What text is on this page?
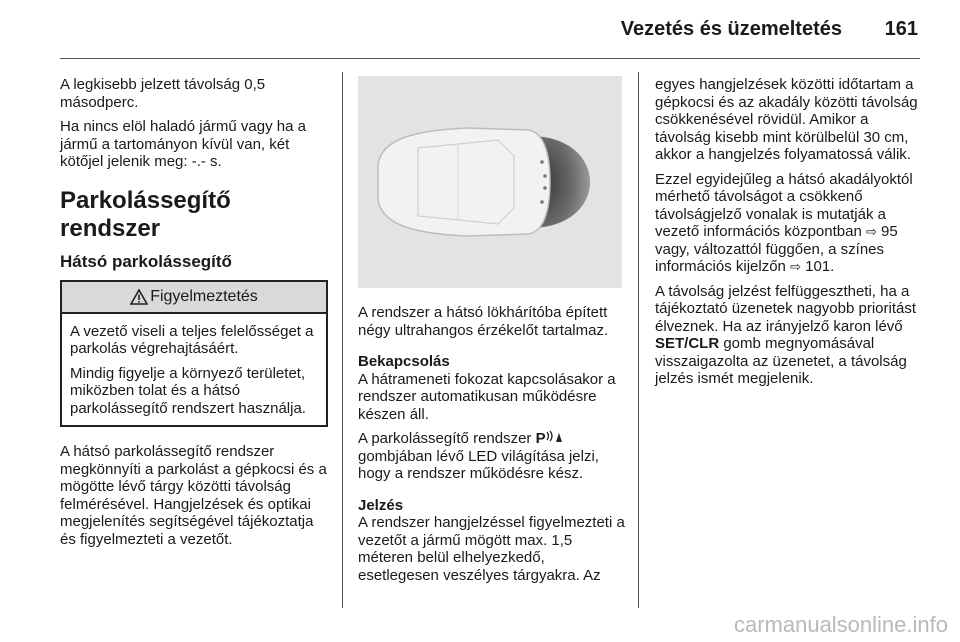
Vezetés és üzemeltetés 161

A legkisebb jelzett távolság 0,5 másodperc.

Ha nincs elöl haladó jármű vagy ha a jármű a tartományon kívül van, két kötőjel jelenik meg: -.- s.

Parkolássegítő rendszer
Hátsó parkolássegítő
Figyelmeztetés

A vezető viseli a teljes felelősséget a parkolás végrehajtásáért.

Mindig figyelje a környező területet, miközben tolat és a hátsó parkolássegítő rendszert használja.

A hátsó parkolássegítő rendszer megkönnyíti a parkolást a gépkocsi és a mögötte lévő tárgy közötti távolság felmérésével. Hangjelzések és optikai megjelenítés segítségével tájékoztatja és figyelmezteti a vezetőt.

A rendszer a hátsó lökhárítóba épített négy ultrahangos érzékelőt tartalmaz.

Bekapcsolás

A hátrameneti fokozat kapcsolásakor a rendszer automatikusan működésre készen áll.

A parkolássegítő rendszer P gombjában lévő LED világítása jelzi, hogy a rendszer működésre kész.

Jelzés

A rendszer hangjelzéssel figyelmezteti a vezetőt a jármű mögött max. 1,5 méteren belül elhelyezkedő, esetlegesen veszélyes tárgyakra. Az

egyes hangjelzések közötti időtartam a gépkocsi és az akadály közötti távolság csökkenésével rövidül. Amikor a távolság kisebb mint körülbelül 30 cm, akkor a hangjelzés folyamatossá válik.

Ezzel egyidejűleg a hátsó akadályoktól mérhető távolságot a csökkenő távolságjelző vonalak is mutatják a vezető információs központban ⇨ 95 vagy, változattól függően, a színes információs kijelzőn ⇨ 101.

A távolság jelzést felfüggesztheti, ha a tájékoztató üzenetek nagyobb prioritást élveznek. Ha az irányjelző karon lévő SET/CLR gomb megnyomásával visszaigazolta az üzenetet, a távolság jelzés ismét megjelenik.

carmanualsonline.info
